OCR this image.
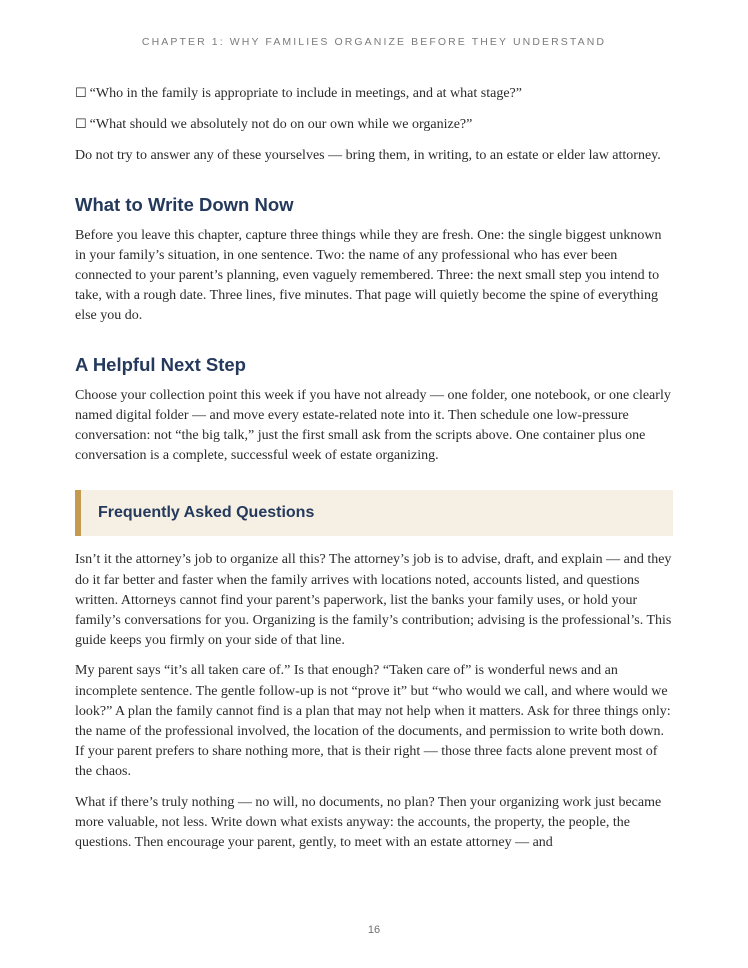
CHAPTER 1: WHY FAMILIES ORGANIZE BEFORE THEY UNDERSTAND

☐ “Who in the family is appropriate to include in meetings, and at what stage?”

☐ “What should we absolutely not do on our own while we organize?”

Do not try to answer any of these yourselves — bring them, in writing, to an estate or elder law attorney.

What to Write Down Now

Before you leave this chapter, capture three things while they are fresh. One: the single biggest unknown in your family’s situation, in one sentence. Two: the name of any professional who has ever been connected to your parent’s planning, even vaguely remembered. Three: the next small step you intend to take, with a rough date. Three lines, five minutes. That page will quietly become the spine of everything else you do.

A Helpful Next Step

Choose your collection point this week if you have not already — one folder, one notebook, or one clearly named digital folder — and move every estate-related note into it. Then schedule one low-pressure conversation: not “the big talk,” just the first small ask from the scripts above. One container plus one conversation is a complete, successful week of estate organizing.

Frequently Asked Questions

Isn’t it the attorney’s job to organize all this? The attorney’s job is to advise, draft, and explain — and they do it far better and faster when the family arrives with locations noted, accounts listed, and questions written. Attorneys cannot find your parent’s paperwork, list the banks your family uses, or hold your family’s conversations for you. Organizing is the family’s contribution; advising is the professional’s. This guide keeps you firmly on your side of that line.

My parent says “it’s all taken care of.” Is that enough? “Taken care of” is wonderful news and an incomplete sentence. The gentle follow-up is not “prove it” but “who would we call, and where would we look?” A plan the family cannot find is a plan that may not help when it matters. Ask for three things only: the name of the professional involved, the location of the documents, and permission to write both down. If your parent prefers to share nothing more, that is their right — those three facts alone prevent most of the chaos.

What if there’s truly nothing — no will, no documents, no plan? Then your organizing work just became more valuable, not less. Write down what exists anyway: the accounts, the property, the people, the questions. Then encourage your parent, gently, to meet with an estate attorney — and

16
